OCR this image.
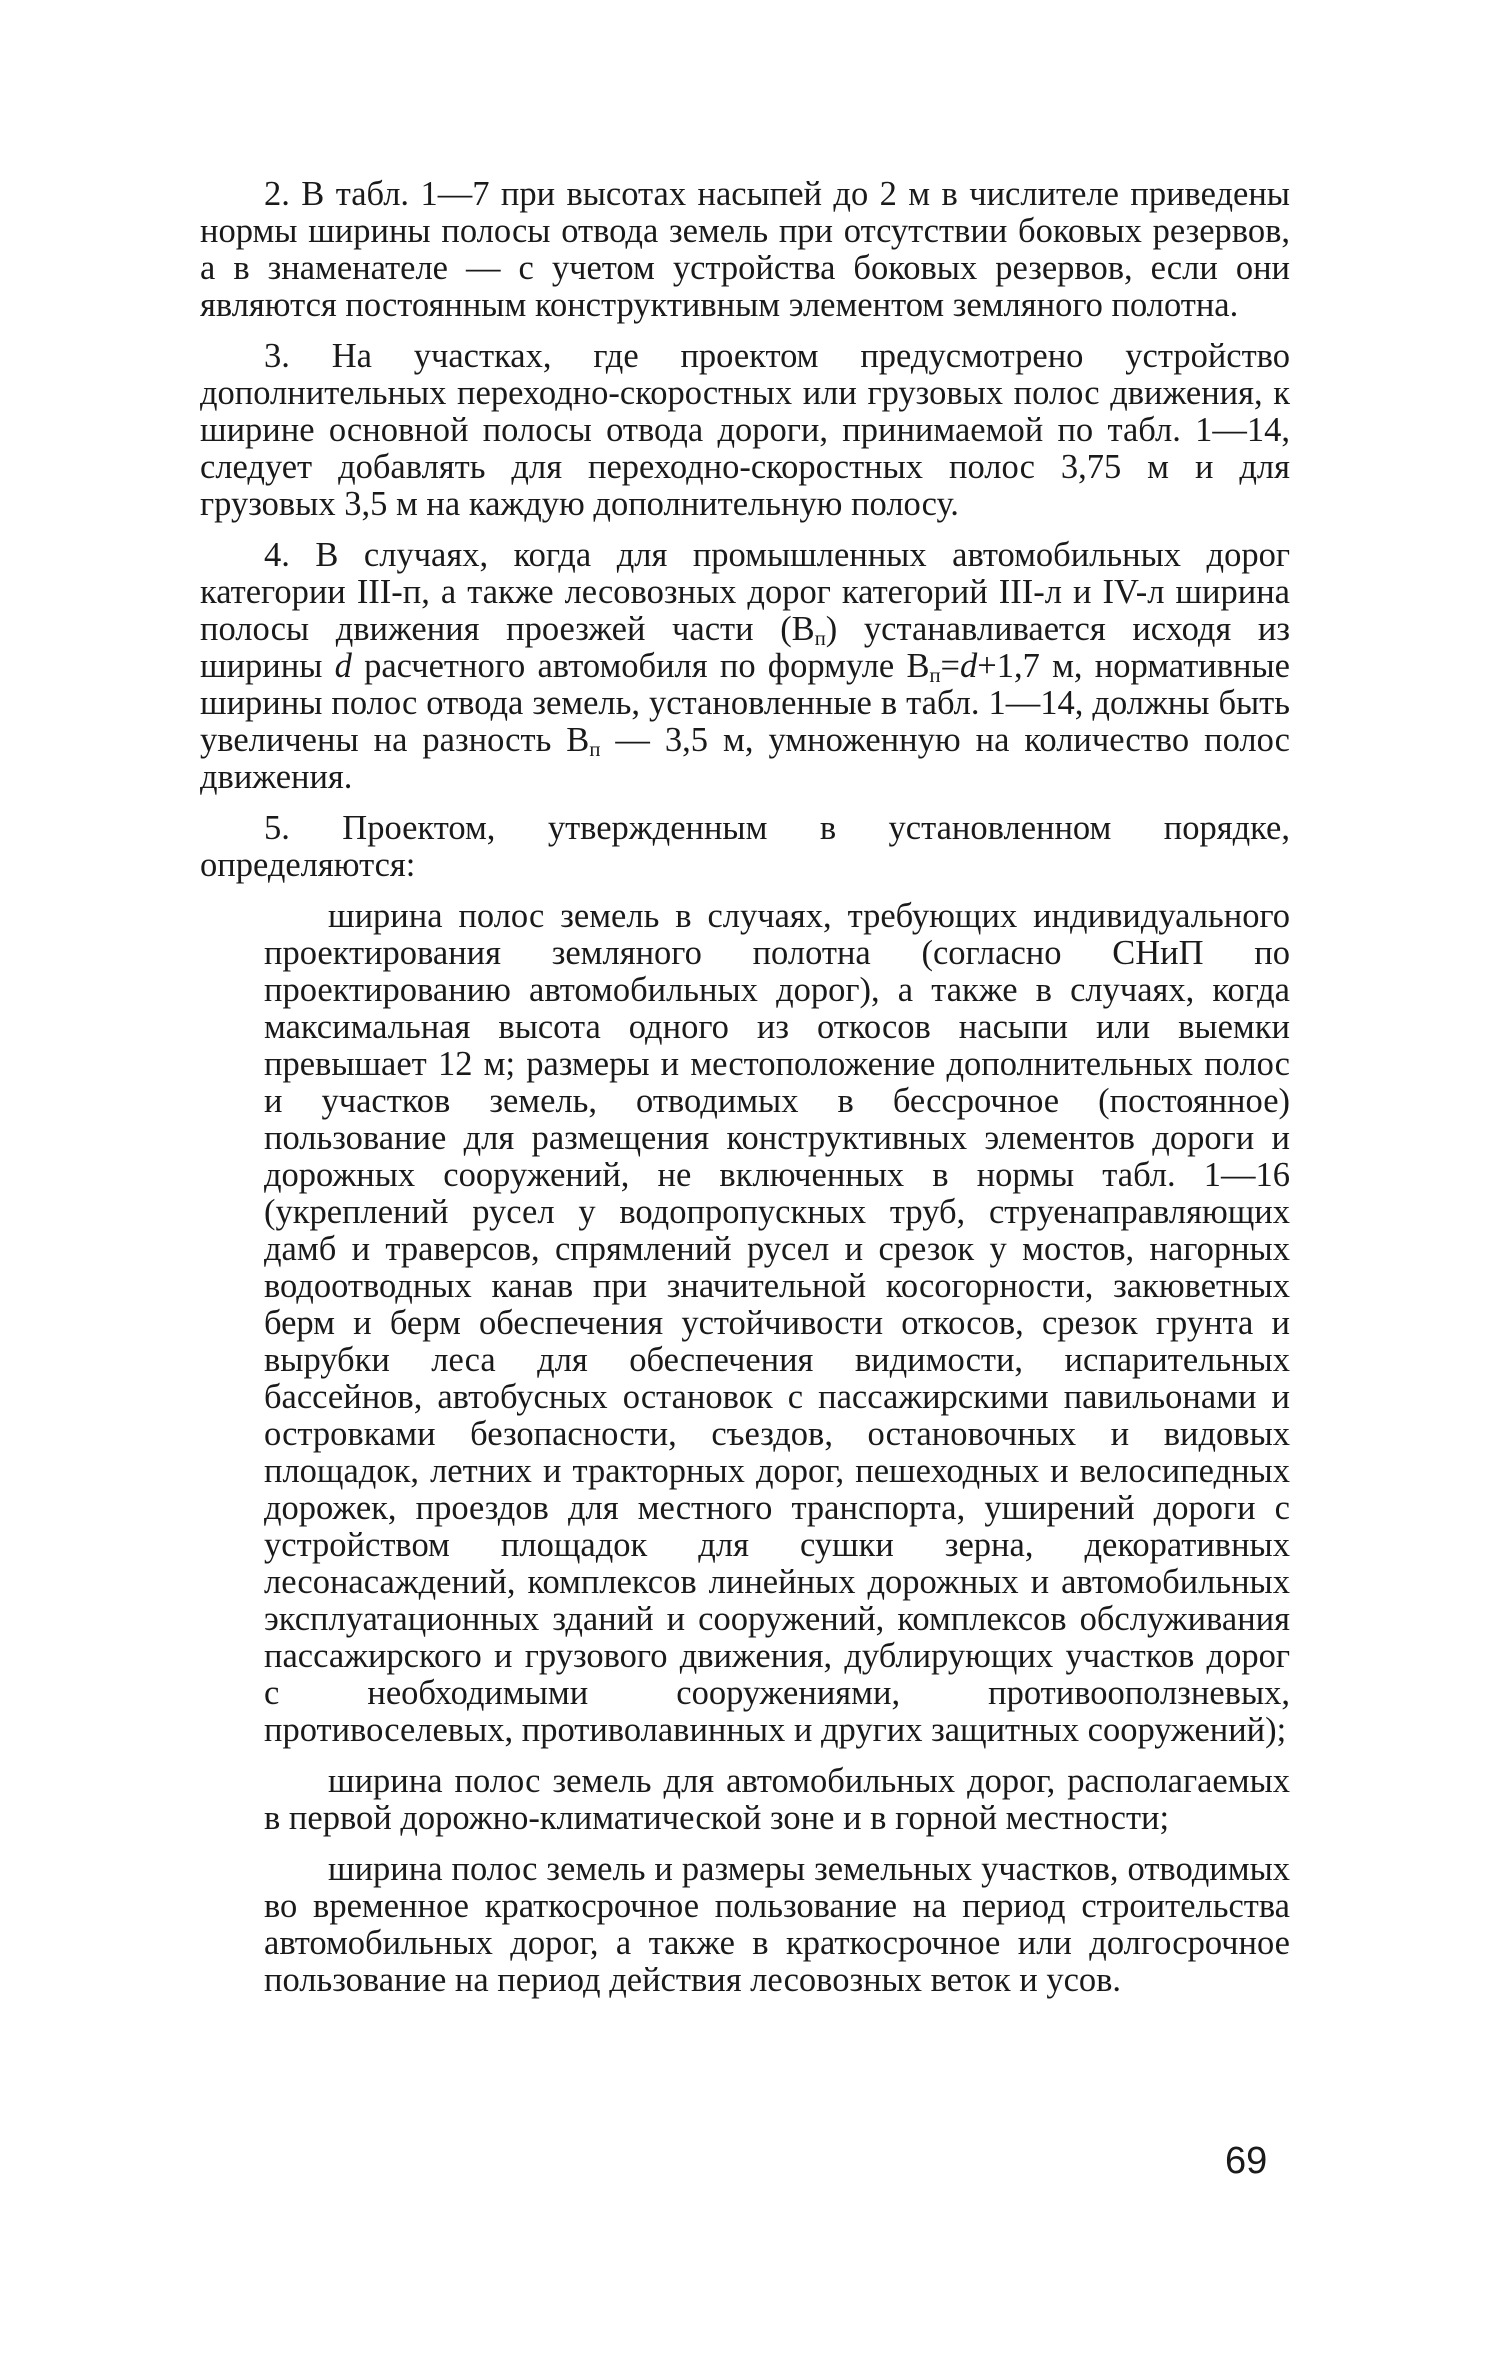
2. В табл. 1—7 при высотах насыпей до 2 м в числителе приведены нормы ширины полосы отвода земель при отсутствии боковых резервов, а в знаменателе — с учетом устройства боковых резервов, если они являются постоянным конструктивным элементом земляного полотна.

3. На участках, где проектом предусмотрено устройство дополнительных переходно-скоростных или грузовых полос движения, к ширине основной полосы отвода дороги, принимаемой по табл. 1—14, следует добавлять для переходно-скоростных полос 3,75 м и для грузовых 3,5 м на каждую дополнительную полосу.

4. В случаях, когда для промышленных автомобильных дорог категории III-п, а также лесовозных дорог категорий III-л и IV-л ширина полосы движения проезжей части $(В_п)$ устанавливается исходя из ширины d расчетного автомобиля по формуле $В_п=d+1,7$ м, нормативные ширины полос отвода земель, установленные в табл. 1—14, должны быть увеличены на разность $В_п$ — 3,5 м, умноженную на количество полос движения.

5. Проектом, утвержденным в установленном порядке, определяются:

ширина полос земель в случаях, требующих индивидуального проектирования земляного полотна (согласно СНиП по проектированию автомобильных дорог), а также в случаях, когда максимальная высота одного из откосов насыпи или выемки превышает 12 м; размеры и местоположение дополнительных полос и участков земель, отводимых в бессрочное (постоянное) пользование для размещения конструктивных элементов дороги и дорожных сооружений, не включенных в нормы табл. 1—16 (укреплений русел у водопропускных труб, струенаправляющих дамб и траверсов, спрямлений русел и срезок у мостов, нагорных водоотводных канав при значительной косогорности, закюветных берм и берм обеспечения устойчивости откосов, срезок грунта и вырубки леса для обеспечения видимости, испарительных бассейнов, автобусных остановок с пассажирскими павильонами и островками безопасности, съездов, остановочных и видовых площадок, летних и тракторных дорог, пешеходных и велосипедных дорожек, проездов для местного транспорта, уширений дороги с устройством площадок для сушки зерна, декоративных лесонасаждений, комплексов линейных дорожных и автомобильных эксплуатационных зданий и сооружений, комплексов обслуживания пассажирского и грузового движения, дублирующих участков дорог с необходимыми сооружениями, противооползневых, противоселевых, противолавинных и других защитных сооружений);

ширина полос земель для автомобильных дорог, располагаемых в первой дорожно-климатической зоне и в горной местности;

ширина полос земель и размеры земельных участков, отводимых во временное краткосрочное пользование на период строительства автомобильных дорог, а также в краткосрочное или долгосрочное пользование на период действия лесовозных веток и усов.

69
